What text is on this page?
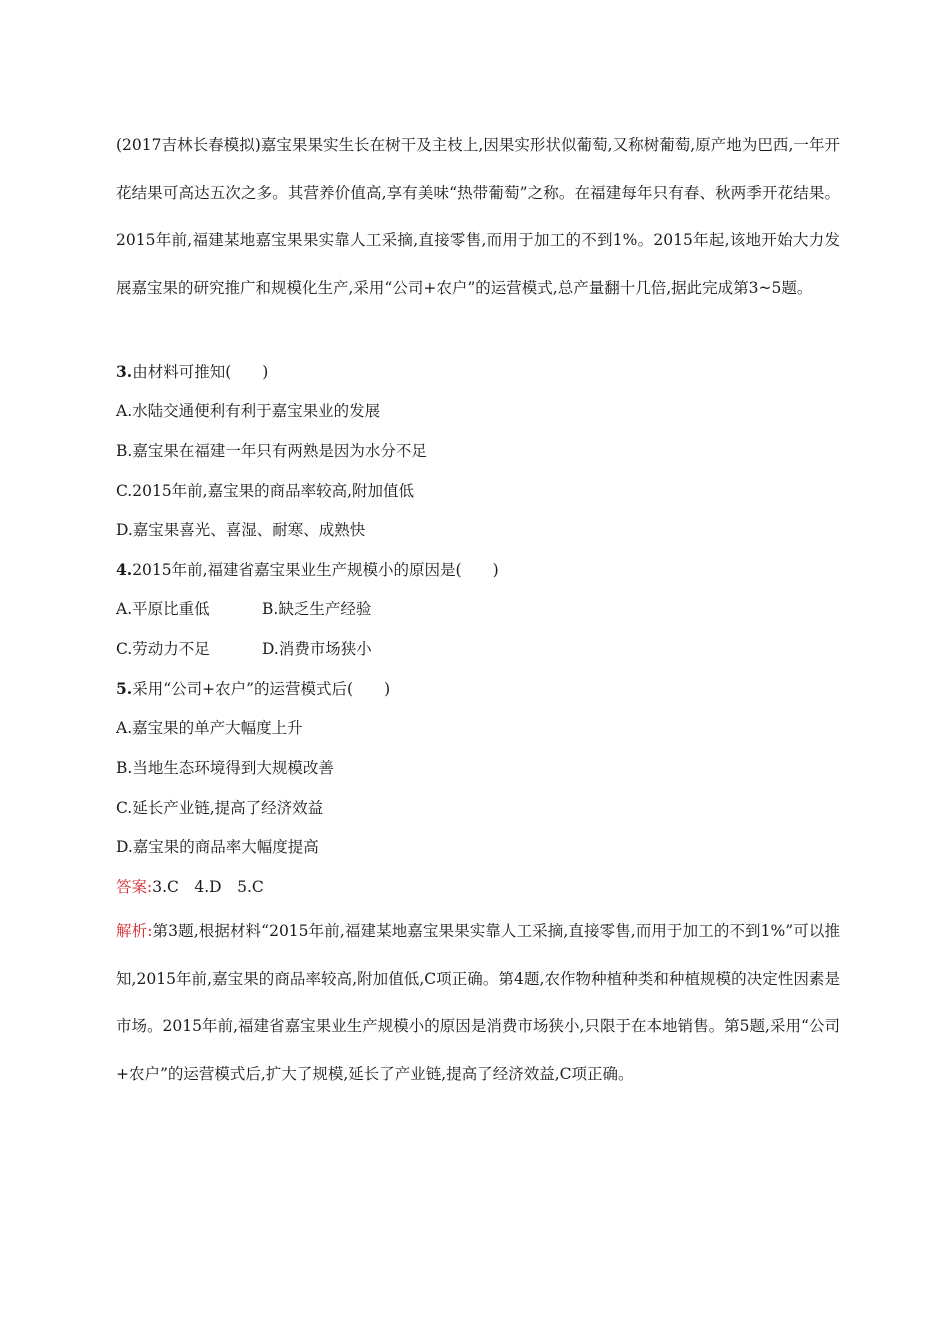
(2017吉林长春模拟)嘉宝果果实生长在树干及主枝上,因果实形状似葡萄,又称树葡萄,原产地为巴西,一年开花结果可高达五次之多。其营养价值高,享有美味“热带葡萄”之称。在福建每年只有春、秋两季开花结果。2015年前,福建某地嘉宝果果实靠人工采摘,直接零售,而用于加工的不到1%。2015年起,该地开始大力发展嘉宝果的研究推广和规模化生产,采用“公司+农户”的运营模式,总产量翻十几倍,据此完成第3~5题。

3.由材料可推知(　　)
A.水陆交通便利有利于嘉宝果业的发展
B.嘉宝果在福建一年只有两熟是因为水分不足
C.2015年前,嘉宝果的商品率较高,附加值低
D.嘉宝果喜光、喜湿、耐寒、成熟快
4.2015年前,福建省嘉宝果业生产规模小的原因是(　　)
A.平原比重低	B.缺乏生产经验
C.劳动力不足	D.消费市场狭小
5.采用“公司+农户”的运营模式后(　　)
A.嘉宝果的单产大幅度上升
B.当地生态环境得到大规模改善
C.延长产业链,提高了经济效益
D.嘉宝果的商品率大幅度提高
答案:3.C　4.D　5.C

解析:第3题,根据材料“2015年前,福建某地嘉宝果果实靠人工采摘,直接零售,而用于加工的不到1%”可以推知,2015年前,嘉宝果的商品率较高,附加值低,C项正确。第4题,农作物种植种类和种植规模的决定性因素是市场。2015年前,福建省嘉宝果业生产规模小的原因是消费市场狭小,只限于在本地销售。第5题,采用“公司+农户”的运营模式后,扩大了规模,延长了产业链,提高了经济效益,C项正确。
